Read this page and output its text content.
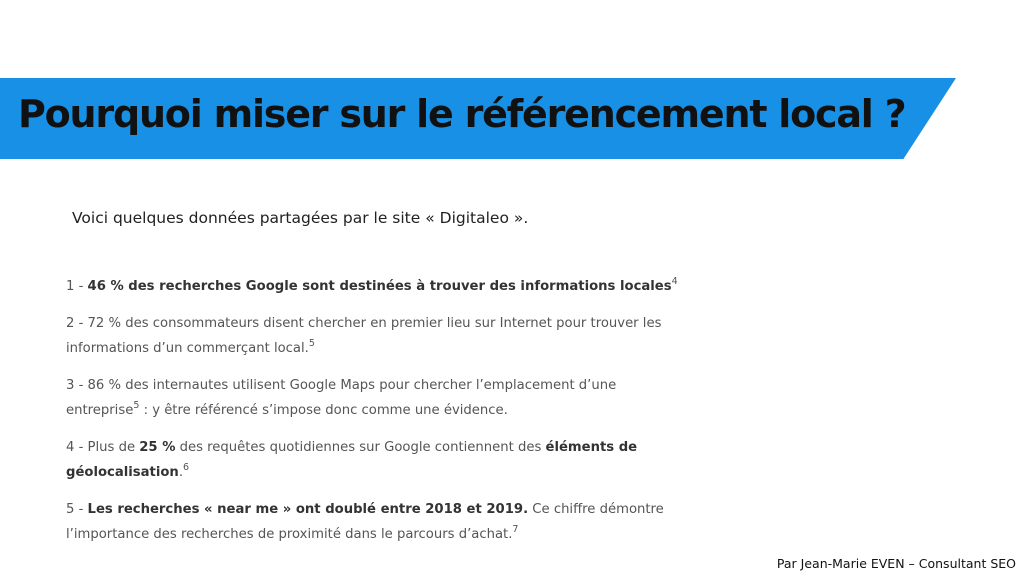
Pourquoi miser sur le référencement local ?
Voici quelques données partagées par le site « Digitaleo ».
1 - 46 % des recherches Google sont destinées à trouver des informations locales$^4$
2 - 72 % des consommateurs disent chercher en premier lieu sur Internet pour trouver les informations d’un commerçant local.$^5$
3 - 86 % des internautes utilisent Google Maps pour chercher l’emplacement d’une entreprise$^5$ : y être référencé s’impose donc comme une évidence.
4 - Plus de 25 % des requêtes quotidiennes sur Google contiennent des éléments de géolocalisation.$^6$
5 - Les recherches « near me » ont doublé entre 2018 et 2019. Ce chiffre démontre l’importance des recherches de proximité dans le parcours d’achat.$^7$
Par Jean-Marie EVEN – Consultant SEO
